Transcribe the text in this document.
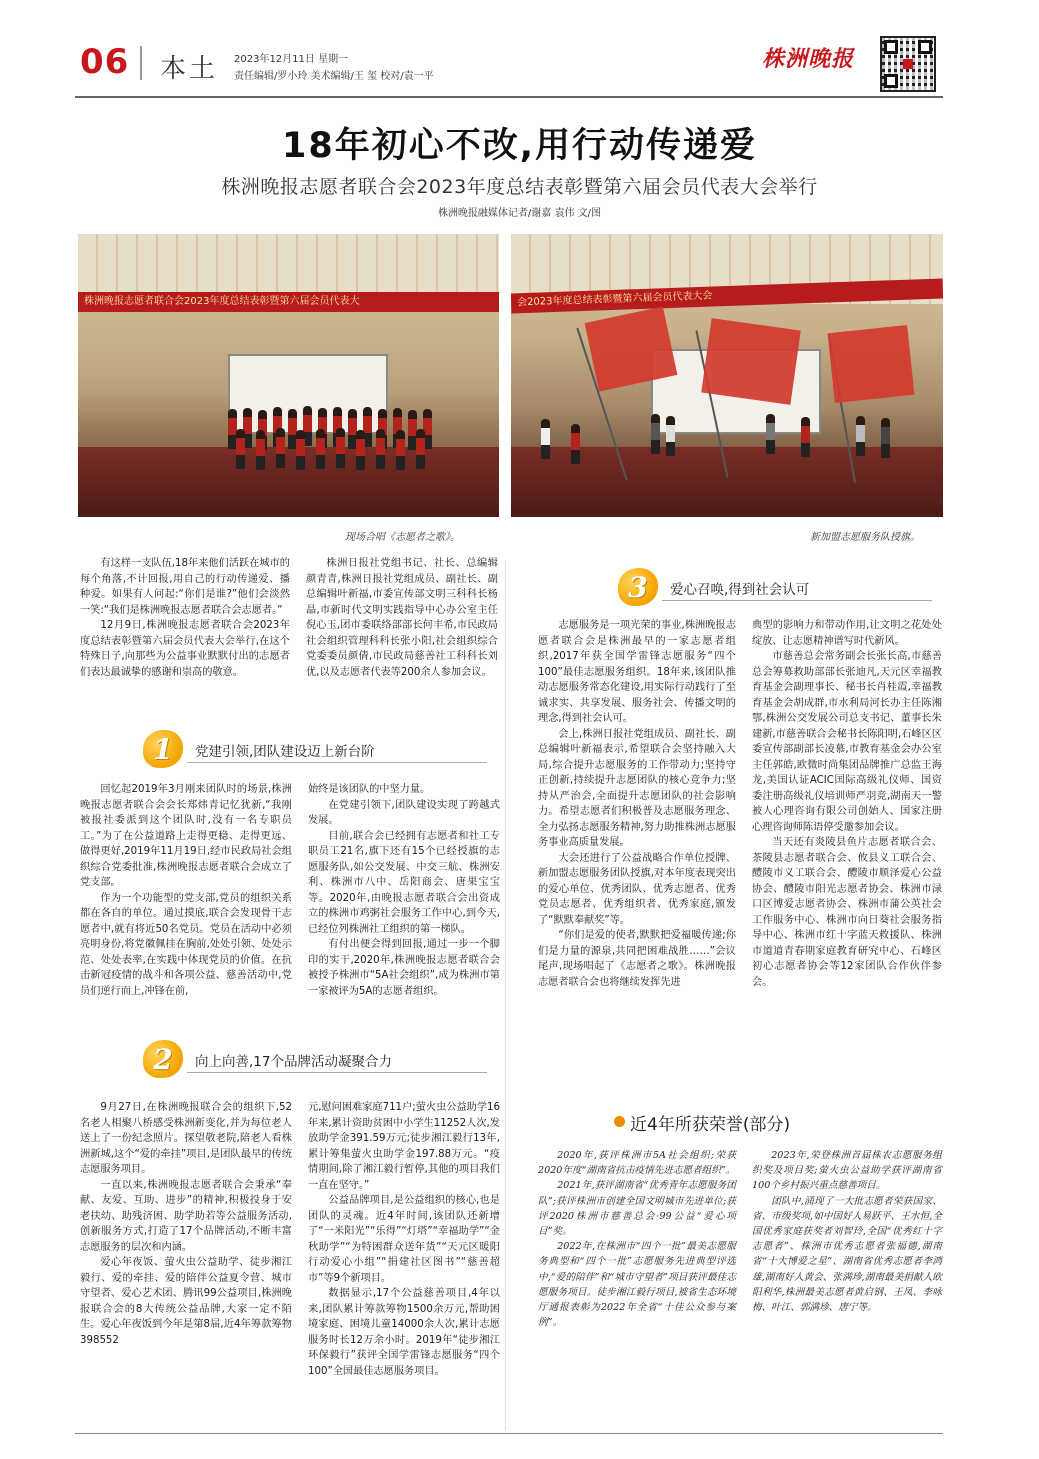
06 本土 2023年12月11日 星期一
责任编辑/罗小玲 美术编辑/王 玺 校对/袁一平
株洲晚报
18年初心不改,用行动传递爱
株洲晚报志愿者联合会2023年度总结表彰暨第六届会员代表大会举行
株洲晚报融媒体记者/谢嘉 袁伟 文/图
株洲晚报志愿者联合会2023年度总结表彰暨第六届会员代表大
现场合唱《志愿者之歌》。
会2023年度总结表彰暨第六届会员代表大会
新加盟志愿服务队授旗。

有这样一支队伍,18年来他们活跃在城市的每个角落,不计回报,用自己的行动传递爱、播种爱。如果有人问起:“你们是谁?”他们会淡然一笑:“我们是株洲晚报志愿者联合会志愿者。”

12月9日,株洲晚报志愿者联合会2023年度总结表彰暨第六届会员代表大会举行,在这个特殊日子,向那些为公益事业默默付出的志愿者们表达最诚挚的感谢和崇高的敬意。

株洲日报社党组书记、社长、总编辑颜青青,株洲日报社党组成员、副社长、副总编辑叶新福,市委宣传部文明三科科长杨晶,市新时代文明实践指导中心办公室主任倪心玉,团市委联络部部长何丰希,市民政局社会组织管理科科长张小阳,社会组织综合党委委员颜倩,市民政局慈善社工科科长刘优,以及志愿者代表等200余人参加会议。

1	党建引领,团队建设迈上新台阶

回忆起2019年3月刚来团队时的场景,株洲晚报志愿者联合会会长郑炜青记忆犹新,“我刚被报社委派到这个团队时,没有一名专职员工。”为了在公益道路上走得更稳、走得更远、做得更好,2019年11月19日,经市民政局社会组织综合党委批准,株洲晚报志愿者联合会成立了党支部。

作为一个功能型的党支部,党员的组织关系都在各自的单位。通过摸底,联合会发现骨干志愿者中,就有将近50名党员。党员在活动中必须亮明身份,将党徽佩挂在胸前,处处引领、处处示范、处处表率,在实践中体现党员的价值。在抗击新冠疫情的战斗和各项公益、慈善活动中,党员们逆行而上,冲锋在前,

始终是该团队的中坚力量。

在党建引领下,团队建设实现了跨越式发展。

目前,联合会已经拥有志愿者和社工专职员工21名,旗下还有15个已经授旗的志愿服务队,如公交发展、中交三航、株洲安利、株洲市八中、岳阳商会、唐果宝宝等。2020年,由晚报志愿者联合会出资成立的株洲市鸡粥社会服务工作中心,到今天,已经位列株洲社工组织的第一梯队。

有付出便会得到回报,通过一步一个脚印的实干,2020年,株洲晚报志愿者联合会被授予株洲市“5A社会组织”,成为株洲市第一家被评为5A的志愿者组织。

2	向上向善,17个品牌活动凝聚合力

9月27日,在株洲晚报联合会的组织下,52名老人相聚八桥感受株洲新变化,并为每位老人送上了一份纪念照片。探望敬老院,陪老人看株洲新城,这个“爱的牵挂”项目,是团队最早的传统志愿服务项目。

一直以来,株洲晚报志愿者联合会秉承“奉献、友爱、互助、进步”的精神,积极投身于安老扶幼、助残济困、助学助若等公益服务活动,创新服务方式,打造了17个品牌活动,不断丰富志愿服务的层次和内涵。

爱心年夜饭、萤火虫公益助学、徒步湘江毅行、爱的牵挂、爱的陪伴公益夏令营、城市守望者、爱心艺术团、腾讯99公益项目,株洲晚报联合会的8大传统公益品牌,大家一定不陌生。爱心年夜饭到今年是第8届,近4年筹款筹物398552

元,慰问困难家庭711户;萤火虫公益助学16年来,累计资助贫困中小学生11252人次,发放助学金391.59万元;徒步湘江毅行13年,累计筹集萤火虫助学金197.88万元。“疫情期间,除了湘江毅行暂停,其他的项目我们一直在坚守。”

公益品牌项目,是公益组织的核心,也是团队的灵魂。近4年时间,该团队还新增了“一米阳光”“乐得”“灯塔”“幸福助学”“金秋助学”“为特困群众送年货”“天元区暖阳行动爱心小组”“捐建社区图书”“慈善超市”等9个新项目。

数据显示,17个公益慈善项目,4年以来,团队累计筹款筹物1500余万元,帮助困境家庭、困境儿童14000余人次,累计志愿服务时长12万余小时。2019年“徒步湘江环保毅行”获评全国学雷锋志愿服务“四个100”全国最佳志愿服务项目。

3	爱心召唤,得到社会认可

志愿服务是一项光荣的事业,株洲晚报志愿者联合会是株洲最早的一家志愿者组织,2017年获全国学雷锋志愿服务“四个100”最佳志愿服务组织。18年来,该团队推动志愿服务常态化建设,用实际行动践行了至诚求实、共享发展、服务社会、传播文明的理念,得到社会认可。

会上,株洲日报社党组成员、副社长、副总编辑叶新福表示,希望联合会坚持融入大局,综合提升志愿服务的工作带动力;坚持守正创新,持续提升志愿团队的核心竞争力;坚持从严治会,全面提升志愿团队的社会影响力。希望志愿者们积极普及志愿服务理念、全力弘扬志愿服务精神,努力助推株洲志愿服务事业高质量发展。

大会还进行了公益战略合作单位授牌、新加盟志愿服务团队授旗,对本年度表现突出的爱心单位、优秀团队、优秀志愿者、优秀党员志愿者、优秀组织者、优秀家庭,颁发了“默默奉献奖”等。

“你们是爱的使者,默默把爱福暖传递;你们是力量的源泉,共同把困难战胜……”会议尾声,现场唱起了《志愿者之歌》。株洲晚报志愿者联合会也将继续发挥先进

典型的影响力和带动作用,让文明之花处处绽放、让志愿精神谱写时代新风。

市慈善总会常务副会长张长高,市慈善总会筹募救助部部长张迪凡,天元区幸福教育基金会副理事长、秘书长肖桂霞,幸福教育基金会胡成群,市水利局河长办主任陈湘鄂,株洲公交发展公司总支书记、董事长朱建新,市慈善联合会秘书长陈阳明,石峰区区委宣传部副部长凌慕,市教育基金会办公室主任郭皓,欧微时尚集团品牌推广总监王海龙,美国认证ACIC国际高级礼仪师、国资委注册高级礼仪培训师严羽竞,湖南天一警被人心理咨询有限公司创始人、国家注册心理咨询师陈语停受邀参加会议。

当天还有炎陵县鱼片志愿者联合会、茶陵县志愿者联合会、攸县义工联合会、醴陵市义工联合会、醴陵市顺泽爱心公益协会、醴陵市阳光志愿者协会、株洲市渌口区博爱志愿者协会、株洲市蒲公英社会工作服务中心、株洲市向日葵社会服务指导中心、株洲市红十字蓝天救援队、株洲市道道青春期家庭教育研究中心、石峰区初心志愿者协会等12家团队合作伙伴参会。

近4年所获荣誉(部分)

2020年,获评株洲市5A社会组织;荣获2020年度“湖南省抗击疫情先进志愿者组织”。

2021年,获评湖南省“优秀青年志愿服务团队”;获评株洲市创建全国文明城市先进单位;获评2020株洲市慈善总会·99公益“爱心项目”奖。

2022年,在株洲市“四个一批”最美志愿服务典型和“四个一批”志愿服务先进典型评选中,“爱的陪伴”和“城市守望者”项目获评最佳志愿服务项目。徒步湘江毅行项目,被省生态环境厅通报表彰为2022年全省“十佳公众参与案例”。

2023年,荣登株洲首届株农志愿服务组织奖及项目奖;萤火虫公益助学获评湖南省100个乡村振兴重点慈善项目。

团队中,涌现了一大批志愿者荣获国家、省、市级奖项,如中国好人易跃平、王水恒,全国优秀家庭获奖者刘智玲,全国“优秀红十字志愿者”、株洲市优秀志愿者张福德,湖南省“十大博爱之星”、湖南省优秀志愿者李鸿雄,湖南好人黄会、张满珍,湖南最美捐献人欧阳利华,株洲最美志愿者黄启钢、王凤、李咏梅、叶江、郭满珍、唐宁等。
